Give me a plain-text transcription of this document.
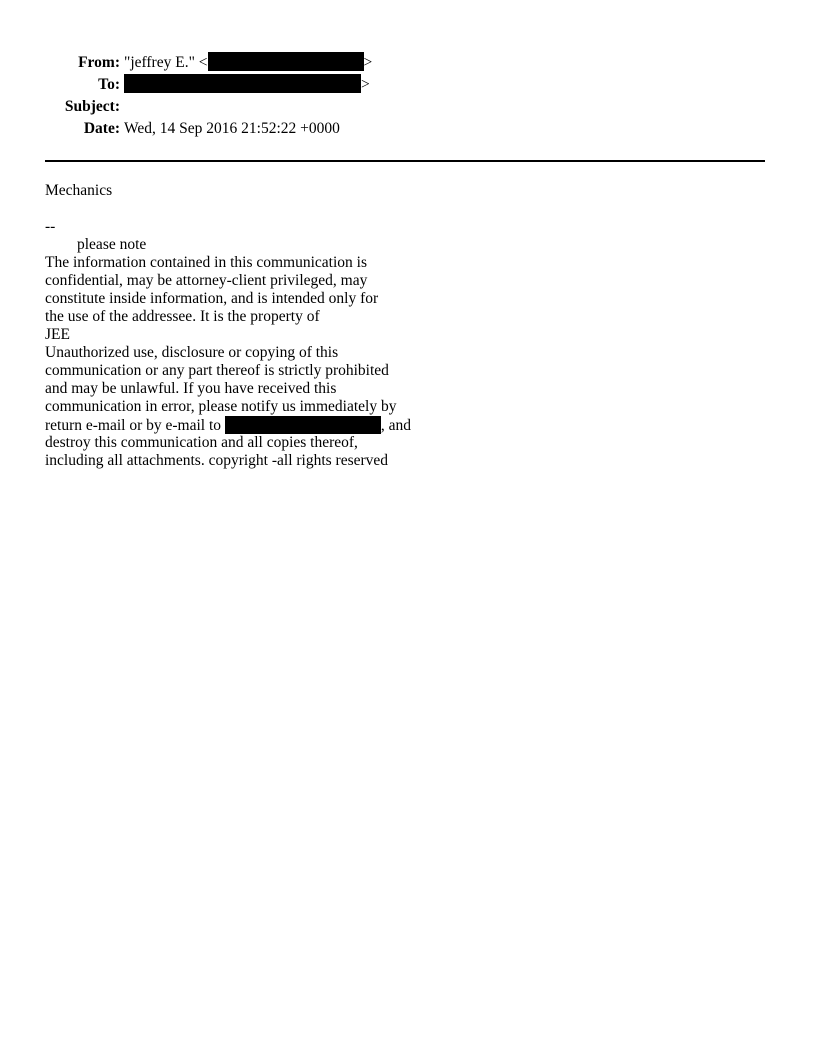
From: "jeffrey E." <	>
To:	>
Subject:
Date: Wed, 14 Sep 2016 21:52:22 +0000
Mechanics
--
please note
The information contained in this communication is
confidential, may be attorney-client privileged, may
constitute inside information, and is intended only for
the use of the addressee. It is the property of
JEE
Unauthorized use, disclosure or copying of this
communication or any part thereof is strictly prohibited
and may be unlawful. If you have received this
communication in error, please notify us immediately by
return e-mail or by e-mail to	, and
destroy this communication and all copies thereof,
including all attachments. copyright -all rights reserved
